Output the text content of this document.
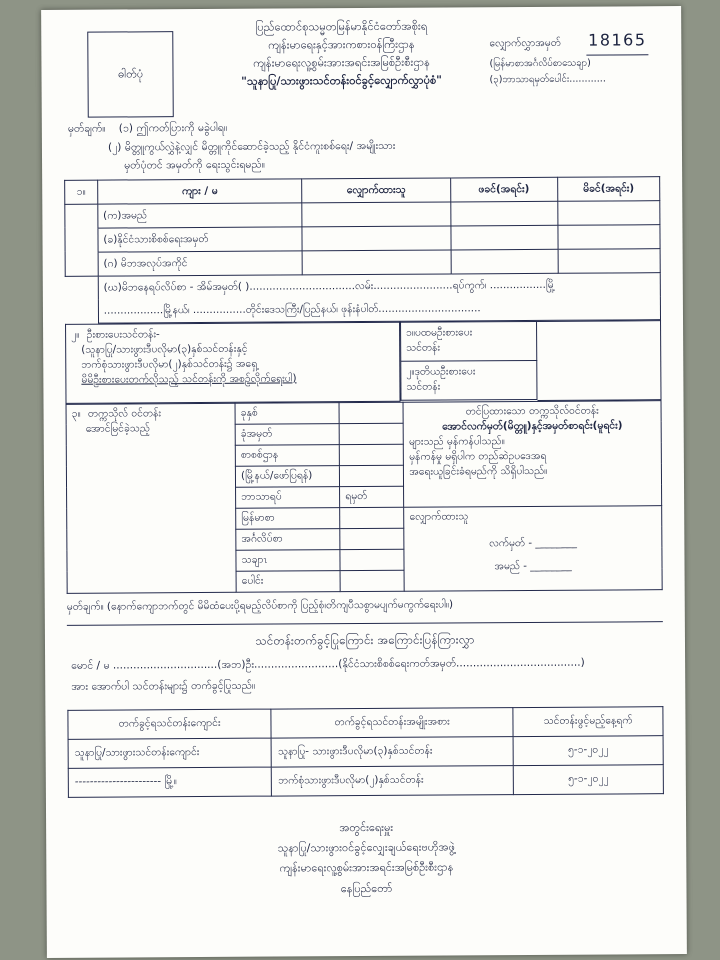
ဓါတ်ပုံ
ပြည်ထောင်စုသမ္မတမြန်မာနိုင်ငံတော်အစိုးရ
ကျန်းမာရေးနှင့်အားကစားဝန်ကြီးဌာန
ကျန်းမာရေးလူ့စွမ်းအားအရင်းအမြစ်ဦးစီးဌာန
"သူနာပြု/သားဖွားသင်တန်းဝင်ခွင့်လျှောက်လွှာပုံစံ"
လျှောက်လွှာအမှတ် 18165
(မြန်မာစာအင်္ဂလိပ်စာသေချာ)
(၃)ဘာသာရမှတ်ပေါင်း............
မှတ်ချက်။ (၁) ဤကတ်ပြားကို မခွဲပါရ။
(၂) မိတ္တူကွယ်လွှဲနဲ့လျှင် မိတ္တူကိုင်ဆောင်ခဲ့သည့် နိုင်ငံကူးစစ်ရေး/ အမျိုးသား
မှတ်ပုံတင် အမှတ်ကို ရေးသွင်းရမည်။
၁။	ကျား / မ	လျှောက်ထားသူ	ဖခင်(အရင်း)	မိခင်(အရင်း)
	(က)အမည်			
	(ခ)နိုင်ငံသားစိစစ်ရေးအမှတ်			
	(ဂ) မိဘအလုပ်အကိုင်			
	(ဃ)မိဘနေရပ်လိပ်စာ - အိမ်အမှတ်( )................................လမ်း........................ရပ်ကွက်၊ .................မြို့			
	..................မြို့နယ်၊ ................တိုင်းဒေသကြီး/ပြည်နယ်၊ ဖုန်းနံပါတ်...............................			
၂။ ဦးစားပေးသင်တန်း-
(သူနာပြု/သားဖွားဒီပလိုမာ(၃)နှစ်သင်တန်းနှင့်
ဘက်စုံသားဖွားဒီပလိုမာ(၂)နှစ်သင်တန်း၌ အရှေ့
မိမိဦးစားပေးတက်လိုသည့် သင်တန်းကို အစဉ်လိုက်ရေးပါ)

၁။ပထမဦးစားပေး
သင်တန်း

၂။ဒုတိယဦးစားပေး
သင်တန်း

၃။ တက္ကသိုလ် ဝင်တန်း
အောင်မြင်ခဲ့သည့်
	ခုနှစ်		တင်ပြထားသော တက္ကသိုလ်ဝင်တန်း
အောင်လက်မှတ်(မိတ္တူ)နှင့်အမှတ်စာရင်း(မူရင်း)
များသည် မှန်ကန်ပါသည်။
မှန်ကန်မှု မရှိပါက တည်ဆဲဥပဒေအရ
အရေးယူခြင်းခံရမည်ကို သိရှိပါသည်။

	ခုံအမှတ်		
	စာစစ်ဌာန		
	(မြို့နယ်/ဖော်ပြရန်)		
	ဘာသာရပ်	ရမှတ်	
	မြန်မာစာ		လျှောက်ထားသူ
လက်မှတ် - ________
အမည် - ________

	အင်္ဂလိပ်စာ		
	သချာၤ		
	ပေါင်း		
မှတ်ချက်။ (နောက်ကျောဘက်တွင် မိမိထံပေးပို့ရမည့်လိပ်စာကို ပြည့်စုံ၊တိကျပီသစွာမပျက်မကွက်ရေးပါ။)
သင်တန်းတက်ခွင့်ပြုကြောင်း အကြောင်းပြန်ကြားလွှာ
မောင် / မ ...............................(အဘ)ဦး.........................(နိုင်ငံသားစိစစ်ရေးကတ်အမှတ်.....................................)
အား အောက်ပါ သင်တန်းများ၌ တက်ခွင့်ပြုသည်။
တက်ခွင့်ရသင်တန်းကျောင်း	တက်ခွင့်ရသင်တန်းအမျိုးအစား	သင်တန်းဖွင့်မည့်နေ့ရက်
သူနာပြု/သားဖွားသင်တန်းကျောင်း	သူနာပြု- သားဖွားဒီပလိုမာ(၃)နှစ်သင်တန်း	၅-၁-၂၀၂၂
----------------------- မြို့။	ဘက်စုံသားဖွားဒီပလိုမာ(၂)နှစ်သင်တန်း	၅-၁-၂၀၂၂
အတွင်းရေးမှူး
သူနာပြု/သားဖွားဝင်ခွင့်လျှေးချယ်ရေးဗဟိုအဖွဲ့
ကျန်းမာရေးလူ့စွမ်းအားအရင်းအမြစ်ဦးစီးဌာန
နေပြည်တော်
